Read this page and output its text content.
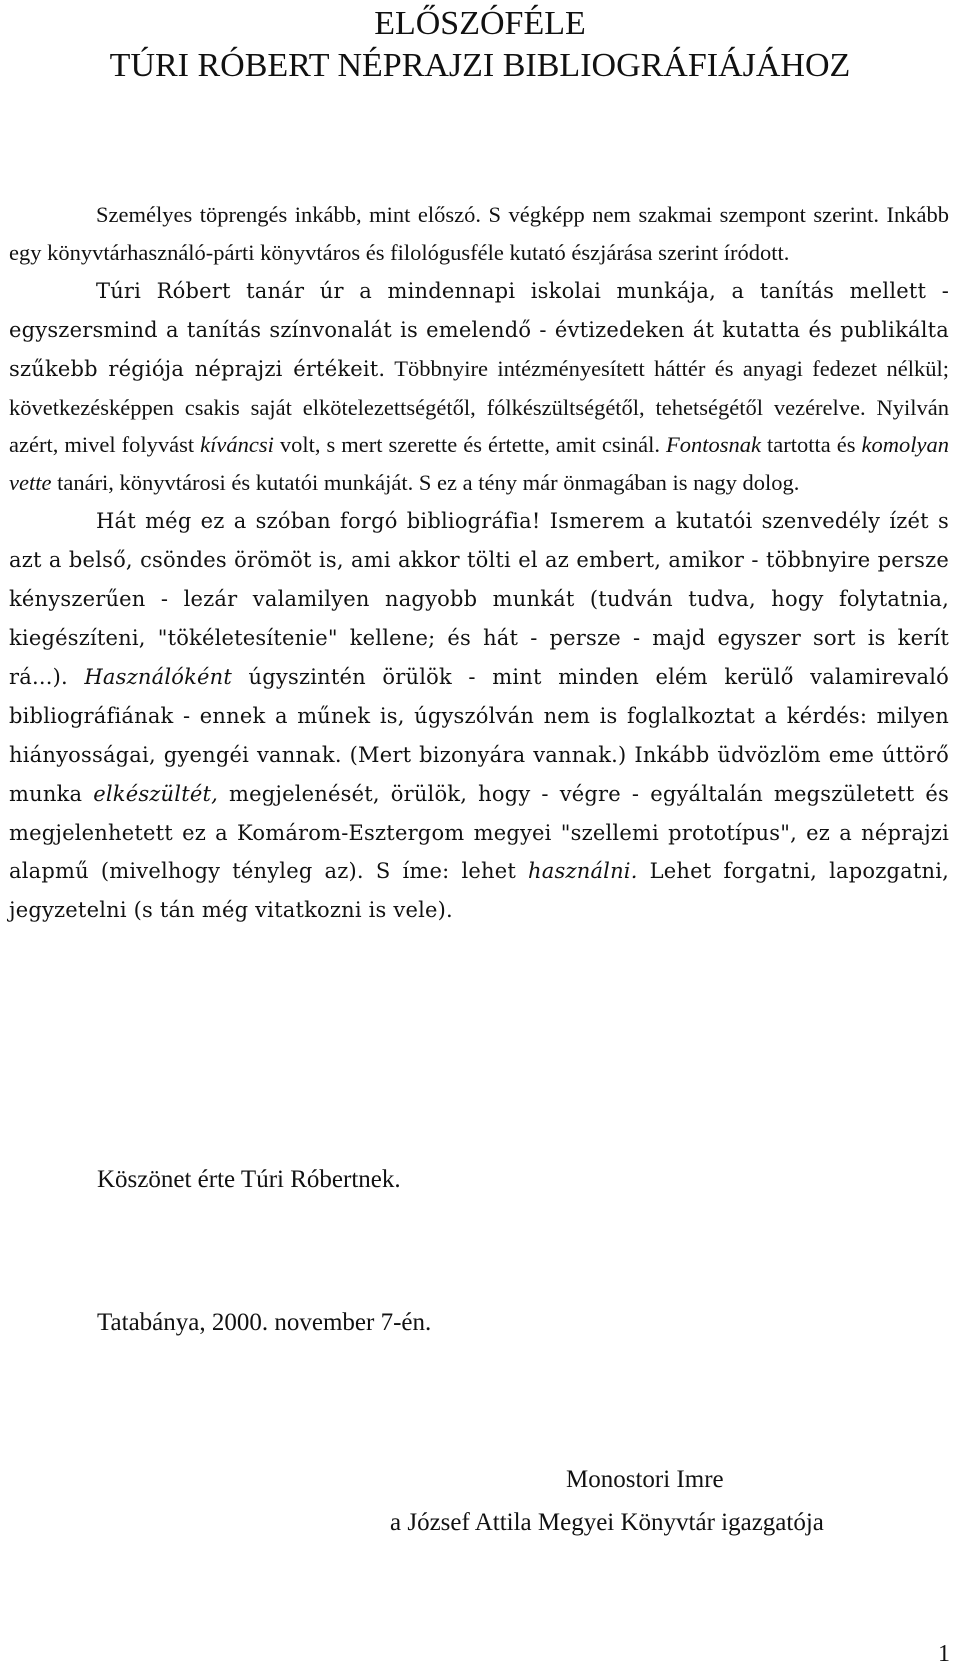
ELŐSZÓFÉLE
TÚRI RÓBERT NÉPRAJZI BIBLIOGRÁFIÁJÁHOZ

Személyes töprengés inkább, mint előszó. S végképp nem szakmai szempont szerint. Inkább egy könyvtárhasználó-párti könyvtáros és filológusféle kutató észjárása szerint íródott.

Túri Róbert tanár úr a mindennapi iskolai munkája, a tanítás mellett - egyszersmind a tanítás színvonalát is emelendő - évtizedeken át kutatta és publikálta szűkebb régiója néprajzi értékeit. Többnyire intézményesített háttér és anyagi fedezet nélkül; következésképpen csakis saját elkötelezettségétől, fólkészültségétől, tehetségétől vezérelve. Nyilván azért, mivel folyvást kíváncsi volt, s mert szerette és értette, amit csinál. Fontosnak tartotta és komolyan vette tanári, könyvtárosi és kutatói munkáját. S ez a tény már önmagában is nagy dolog.

Hát még ez a szóban forgó bibliográfia! Ismerem a kutatói szenvedély ízét s azt a belső, csöndes örömöt is, ami akkor tölti el az embert, amikor - többnyire persze kényszerűen - lezár valamilyen nagyobb munkát (tudván tudva, hogy folytatnia, kiegészíteni, "tökéletesítenie" kellene; és hát - persze - majd egyszer sort is kerít rá...). Használóként úgyszintén örülök - mint minden elém kerülő valamirevaló bibliográfiának - ennek a műnek is, úgyszólván nem is foglalkoztat a kérdés: milyen hiányosságai, gyengéi vannak. (Mert bizonyára vannak.) Inkább üdvözlöm eme úttörő munka elkészültét, megjelenését, örülök, hogy - végre - egyáltalán megszületett és megjelenhetett ez a Komárom-Esztergom megyei "szellemi prototípus", ez a néprajzi alapmű (mivelhogy tényleg az). S íme: lehet használni. Lehet forgatni, lapozgatni, jegyzetelni (s tán még vitatkozni is vele).

Köszönet érte Túri Róbertnek.

Tatabánya, 2000. november 7-én.

Monostori Imre

a József Attila Megyei Könyvtár igazgatója

1
